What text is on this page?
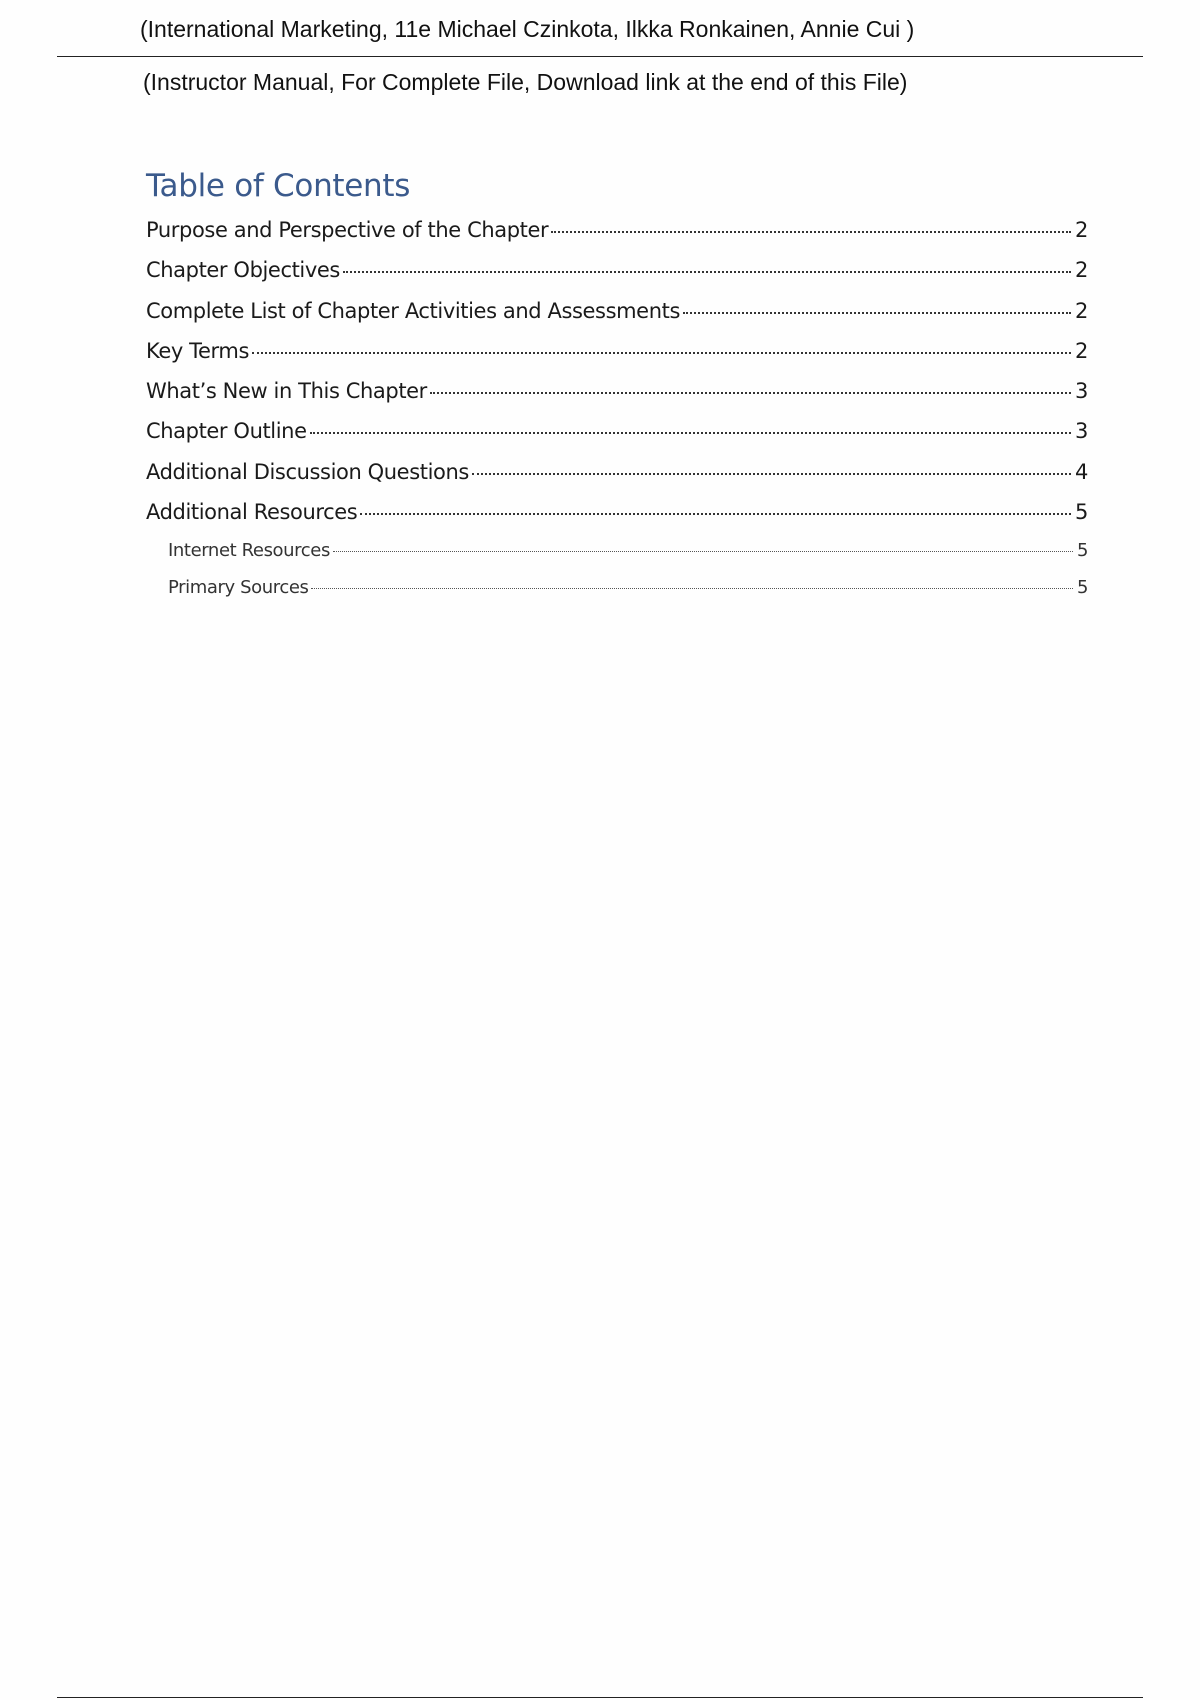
(International Marketing, 11e Michael Czinkota, Ilkka Ronkainen, Annie Cui )
(Instructor Manual, For Complete File, Download link at the end of this File)
Table of Contents
Purpose and Perspective of the Chapter	2
Chapter Objectives	2
Complete List of Chapter Activities and Assessments	2
Key Terms	2
What’s New in This Chapter	3
Chapter Outline	3
Additional Discussion Questions	4
Additional Resources	5
Internet Resources	5
Primary Sources	5
